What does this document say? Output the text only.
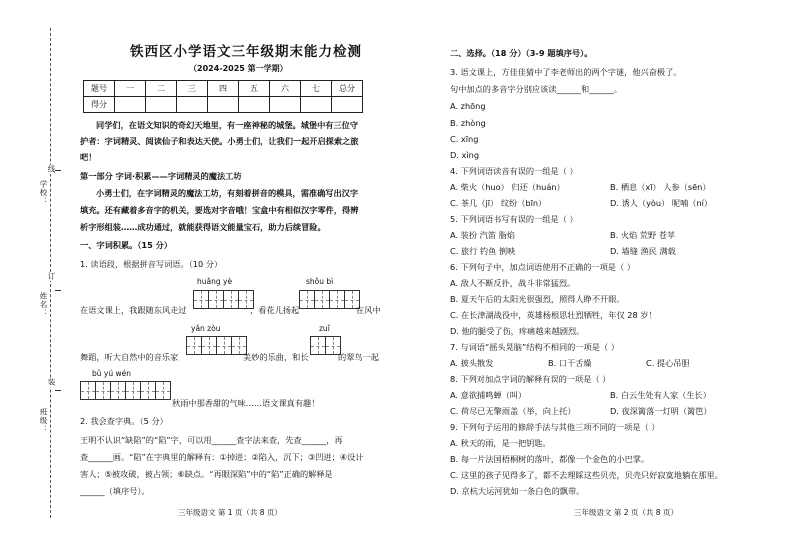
学校：
姓名：
班级：
线
订
装
铁西区小学语文三年级期末能力检测
（2024-2025 第一学期）
题号	一	二	三	四	五	六	七	总分
得分								
同学们，在语文知识的奇幻天地里，有一座神秘的城堡。城堡中有三位守
护者：字词精灵、阅读仙子和表达天使。小勇士们，让我们一起开启探索之旅
吧！
第一部分 字词·积累——字词精灵的魔法工坊
小勇士们，在字词精灵的魔法工坊，有刻着拼音的模具，需准确写出汉字
填充。还有藏着多音字的机关，要选对字音哦！宝盒中有相似汉字零件，得辨
析字形组装……成功通过，就能获得语文能量宝石，助力后续冒险。
一、字词积累。（15 分）
1. 读语段，根据拼音写词语。（10 分）
huǎng yè	shǒu bì
在语文课上，我跟随东风走过	，看花儿扬起	在风中
yǎn zòu	zuǐ
舞蹈，听大自然中的音乐家	美妙的乐曲，和长	的翠鸟一起
bǔ yú wén
秋雨中那香甜的气味……语文课真有趣！
2. 我会查字典。（5 分）
王明不认识“缺陷”的“陷”字，可以用______查字法来查，先查______，再
查______画。“陷”在字典里的解释有：①掉进；②陷入，沉下；③凹进；④设计
害人；⑤被攻破，被占领；⑥缺点。“再眼深陷”中的“陷”正确的解释是
______（填序号）。
三年级语文 第 1 页（共 8 页）
二、选择。（18 分）（3-9 题填序号）。
3. 语文课上，方佳佳猜中了李老师出的两个字谜，他兴奋极了。
句中加点的多音字分别应该读______和______。
A. zhōng
B. zhòng
C. xīng
D. xìng
4. 下列词语读音有误的一组是（ ）
A. 柴火（huo） 归还（huán）	B. 栖息（xī） 人参（sēn）
C. 茶几（jī） 纹纷（bīn）	D. 诱人（yòu） 呢喃（ní）
5. 下列词语书写有误的一组是（ ）
A. 装扮 汽笛 脂焰	B. 火焰 荒野 苍苹
C. 旅行 钓鱼 倒映	D. 墙缝 渔民 满载
6. 下列句子中，加点词语使用不正确的一项是（ ）
A. 敌人不断反扑，战斗非常猛烈。
B. 夏天午后的太阳光很强烈，照得人睁不开眼。
C. 在长津湖战役中，英雄杨根思壮烈牺牲，年仅 28 岁！
D. 他的腿受了伤，疼痛越来越剧烈。
7. 与词语“摇头晃脑”结构不相同的一项是（ ）
A. 披头散发	B. 口干舌燥	C. 提心吊胆
8. 下列对加点字词的解释有误的一项是（ ）
A. 意欲捕鸣蝉（叫）	B. 白云生处有人家（生长）
C. 荷尽已无擎雨盖（举，向上托）	D. 夜深篱落一灯明（篱笆）
9. 下列句子运用的修辞手法与其他三项不同的一项是（ ）
A. 秋天的雨，是一把钥匙。
B. 每一片法国梧桐树的落叶，都像一个金色的小巴掌。
C. 这里的孩子见得多了，都不去理睬这些贝壳，贝壳只好寂寞地躺在那里。
D. 京杭大运河犹如一条白色的飘带。
三年级语文 第 2 页（共 8 页）
